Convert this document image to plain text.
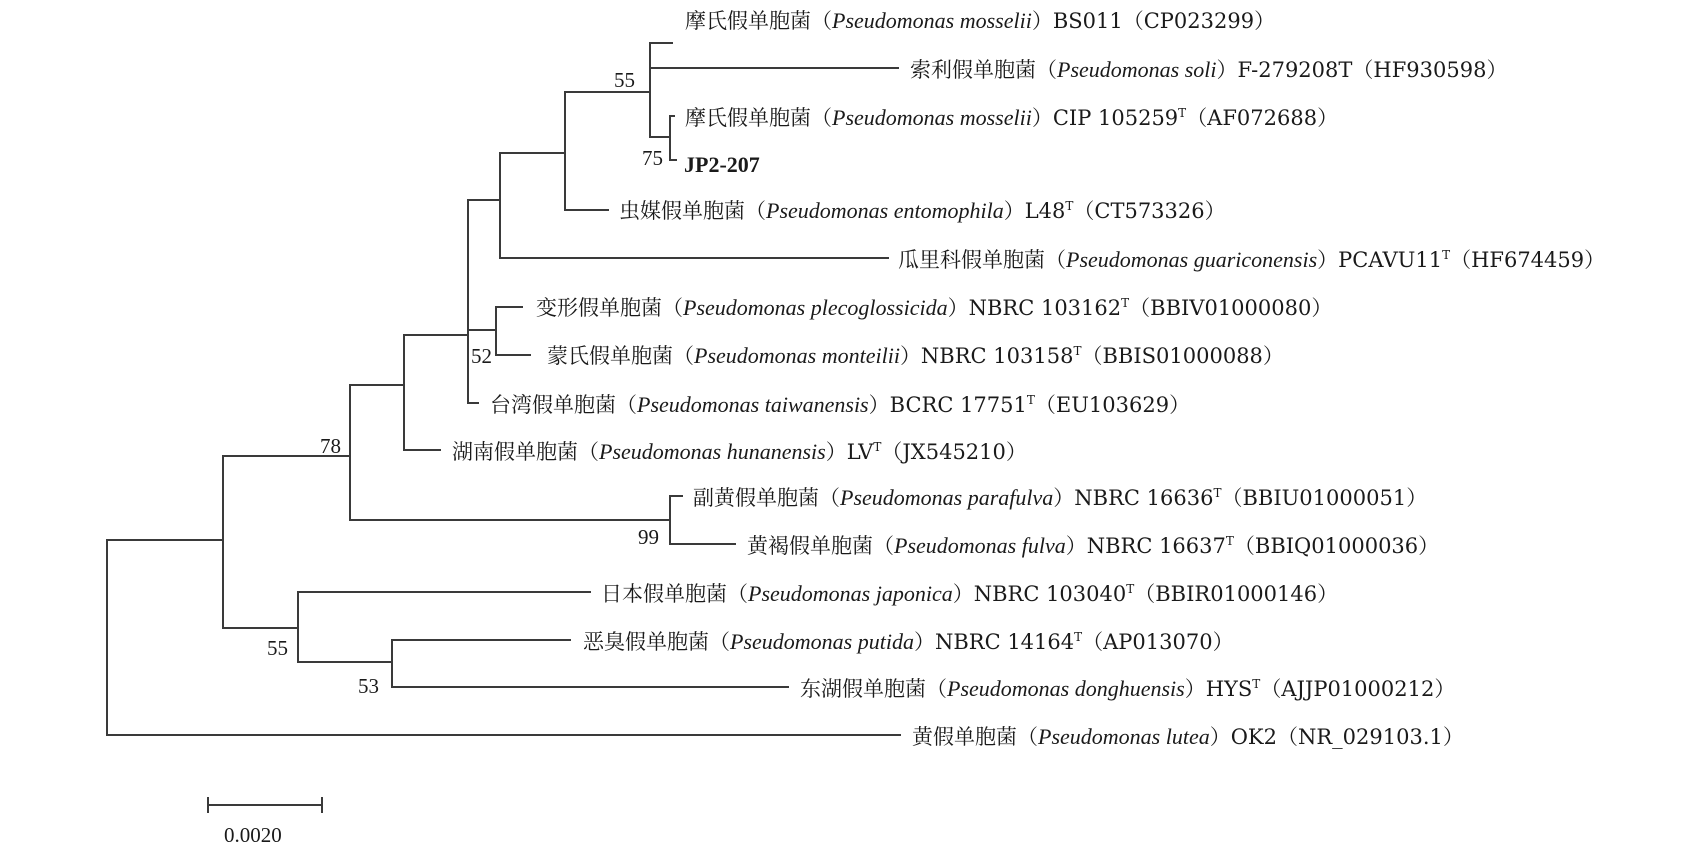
摩氏假单胞菌（Pseudomonas mosselii）BS011（CP023299）
索利假单胞菌（Pseudomonas soli）F-279208T（HF930598）
摩氏假单胞菌（Pseudomonas mosselii）CIP $105259^T(AF072688)$
JP2-207
虫媒假单胞菌（Pseudomonas $entomophila)L48^T(CT573326)$
瓜里科假单胞菌（Pseudomonas $guariconensis)PCAVU11^T(HF674459)$
变形假单胞菌（Pseudomonas plecoglossicida）NBRC $103162^T(BBIV01000080)$
蒙氏假单胞菌（Pseudomonas monteilii）NBRC $103158^T(BBIS01000088)$
台湾假单胞菌（Pseudomonas taiwanensis）BCRC $17751^T(EU103629)$
湖南假单胞菌（Pseudomonas $hunanensis)LV^T(JX545210)$
副黄假单胞菌（Pseudomonas parafulva）NBRC $16636^T(BBIU01000051)$
黄褐假单胞菌（Pseudomonas fulva）NBRC $16637^T(BBIQ01000036)$
日本假单胞菌（Pseudomonas japonica）NBRC $103040^T(BBIR01000146)$
恶臭假单胞菌（Pseudomonas putida）NBRC $14164^T(AP013070)$
东湖假单胞菌（Pseudomonas $donghuensis)HYS^T(AJJP01000212)$
黄假单胞菌（Pseudomonas lutea）OK2（NR_029103.1）
55
75
52
78
99
55
53
0.0020
